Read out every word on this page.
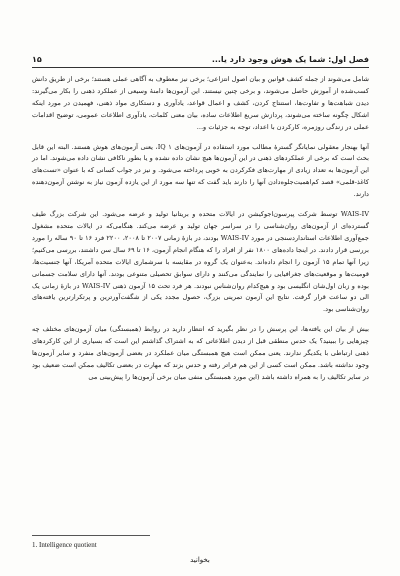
۱۵	فصل اول: شما یک هوش وجود دارد یا...

شامل می‌شوند از جمله کشف قوانین و بیان اصول انتزاعی؛ برخی نیز معطوف به آگاهی عملی هستند؛ برخی از طریق دانش کسب‌شده از آموزش حاصل می‌شوند، و برخی چنین نیستند. این آزمون‌ها دامنهٔ وسیعی از عملکرد ذهنی را بکار می‌گیرند: دیدن شباهت‌ها و تفاوت‌ها، استنتاج کردن، کشف و اعمال قواعد، یادآوری و دستکاری مواد ذهنی، فهمیدن در مورد اینکه اشکال چگونه ساخته می‌شوند، پردازش سریع اطلاعات ساده، بیان معنی کلمات، یادآوری اطلاعات عمومی، توضیح اقدامات عملی در زندگی روزمره، کارکردن با اعداد، توجه به جزئیات و...

آنها بهنجار معقولی نمایانگر گسترهٔ مطالب مورد استفاده در آزمون‌های IQ ۱، یعنی آزمون‌های هوش هستند. البته این قابل بحث است که برخی از عملکردهای ذهنی در این آزمون‌ها هیچ نشان داده نشده و یا بطور ناکافی نشان داده می‌شوند. اما در این آزمون‌ها به تعداد زیادی از مهارت‌های فکرکردن به خوبی پرداخته می‌شود. و نیز در جواب کسانی که با عنوان «تست‌های کاغذ-قلمی» قصد کم‌اهمیت‌جلوه‌دادن آنها را دارند باید گفت که تنها سه مورد از این یازده آزمون نیاز به نوشتن آزمون‌دهنده دارند.

WAIS-IV توسط شرکت پیرسون‌اجوکیشن در ایالات متحده و بریتانیا تولید و عرضه می‌شود. این شرکت بزرگ طیف گسترده‌ای از آزمون‌های روان‌شناسی را در سراسر جهان تولید و عرضه می‌کند. هنگامی‌که در ایالات متحده مشغول جمع‌آوری اطلاعات استانداردسنجی در مورد WAIS-IV بودند، در بازهٔ زمانی ۲۰۰۷ تا ۲۰۰۸، ۲۲۰۰ فرد ۱۶ تا ۹۰ ساله را مورد بررسی قرار دادند. در اینجا داده‌های ۱۸۰۰ نفر از افراد را که هنگام انجام آزمون، ۱۶ تا ۶۹ سال سن داشتند، بررسی می‌کنیم؛ زیرا آنها تمام ۱۵ آزمون را انجام داده‌اند. به‌عنوان یک گروه در مقایسه با سرشماری ایالات متحده آمریکا، آنها جنسیت‌ها، قومیت‌ها و موقعیت‌های جغرافیایی را نمایندگی می‌کنند و دارای سوابق تحصیلی متنوعی بودند. آنها دارای سلامت جسمانی بوده و زبان اول‌شان انگلیسی بود و هیچ‌کدام روان‌شناس نبودند. هر فرد تحت ۱۵ آزمون ذهنی WAIS-IV در بازهٔ زمانی یک الی دو ساعت قرار گرفت. نتایج این آزمون تمرینی بزرگ، حصول مجدد یکی از شگفت‌آورترین و پرتکرارترین یافته‌های روان‌شناسی بود.

بیش از بیان این یافته‌ها، این پرسش را در نظر بگیرید که انتظار دارید در روابط (همبستگی) میان آزمون‌های مختلف چه چیزهایی را ببینید؟ یک حدس منطقی قبل از دیدن اطلاعاتی که به اشتراک گذاشتم این است که بسیاری از این کارکردهای ذهنی ارتباطی با یکدیگر ندارند. یعنی ممکن است هیچ همبستگی میان عملکرد در بعضی آزمون‌های منفرد و سایر آزمون‌ها وجود نداشته باشد. ممکن است کسی از این هم فراتر رفته و حدس بزند که مهارت در بعضی تکالیف ممکن است ضعیف بود در سایر تکالیف را به همراه داشته باشد (این مورد همبستگی منفی میان برخی آزمون‌ها را پیش‌بینی می

1. Intelligence quotient
بخوانید
